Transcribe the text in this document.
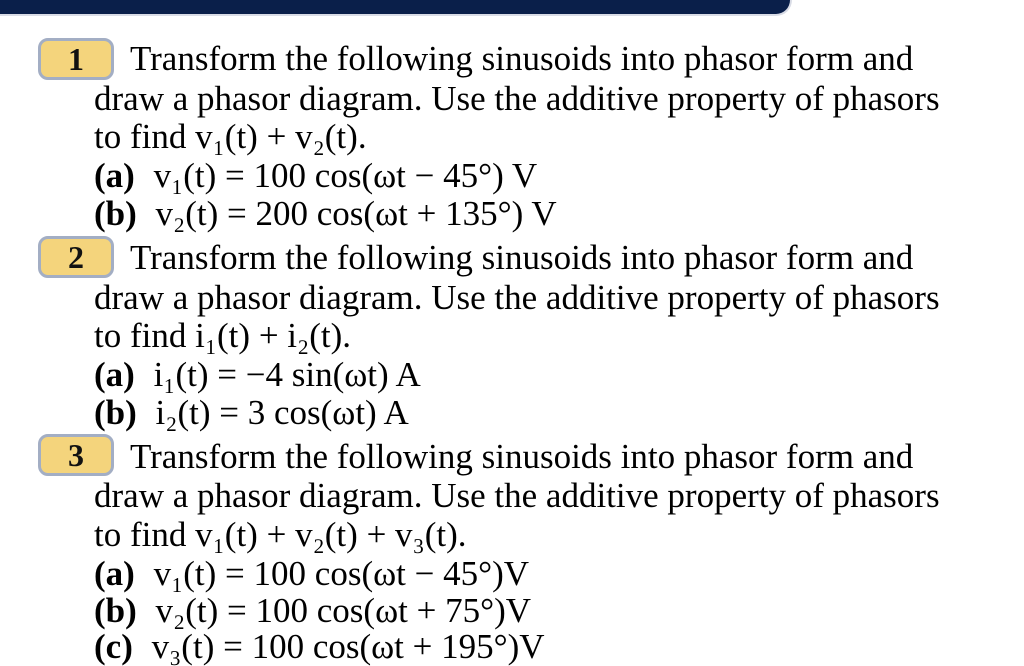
1	Transform the following sinusoids into phasor form and
draw a phasor diagram. Use the additive property of phasors
to find v₁(t) + v₂(t).
(a) v₁(t) = 100 cos(ωt − 45°) V
(b) v₂(t) = 200 cos(ωt + 135°) V
2	Transform the following sinusoids into phasor form and
draw a phasor diagram. Use the additive property of phasors
to find i₁(t) + i₂(t).
(a) i₁(t) = −4 sin(ωt) A
(b) i₂(t) = 3 cos(ωt) A
3	Transform the following sinusoids into phasor form and
draw a phasor diagram. Use the additive property of phasors
to find v₁(t) + v₂(t) + v₃(t).
(a) v₁(t) = 100 cos(ωt − 45°)V
(b) v₂(t) = 100 cos(ωt + 75°)V
(c) v₃(t) = 100 cos(ωt + 195°)V
